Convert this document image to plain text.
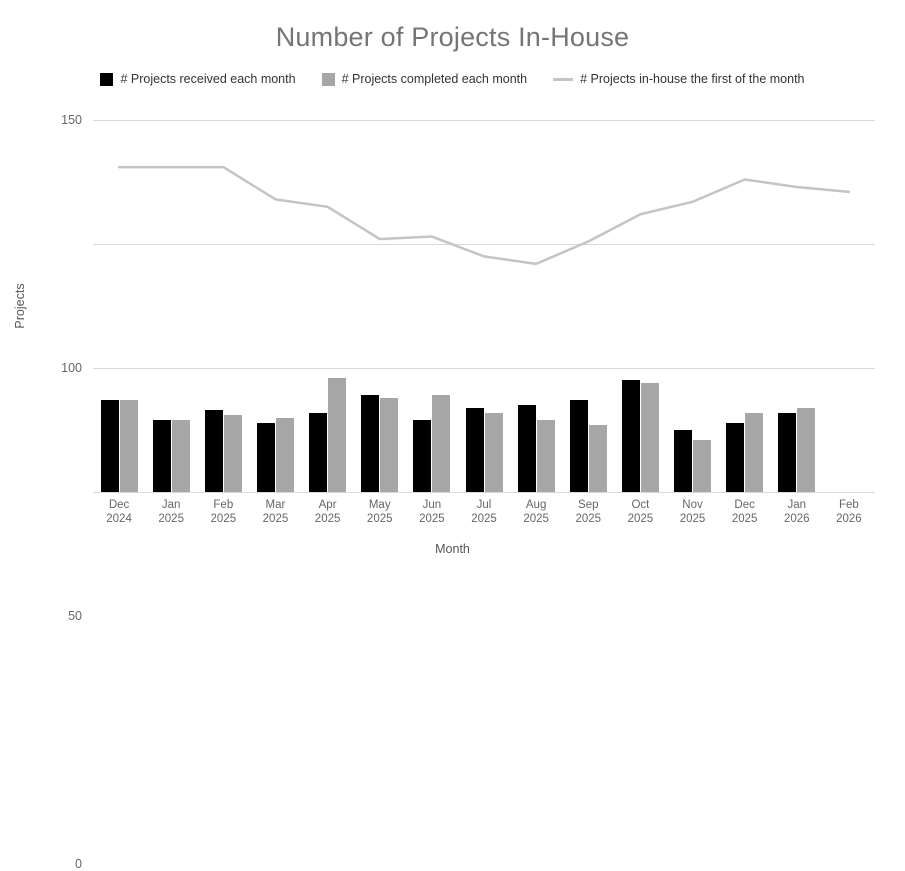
Number of Projects In-House
# Projects received each month	# Projects completed each month	# Projects in-house the first of the month
Projects
0
50
100
150
Dec
2024
Jan
2025
Feb
2025
Mar
2025
Apr
2025
May
2025
Jun
2025
Jul
2025
Aug
2025
Sep
2025
Oct
2025
Nov
2025
Dec
2025
Jan
2026
Feb
2026
Month
